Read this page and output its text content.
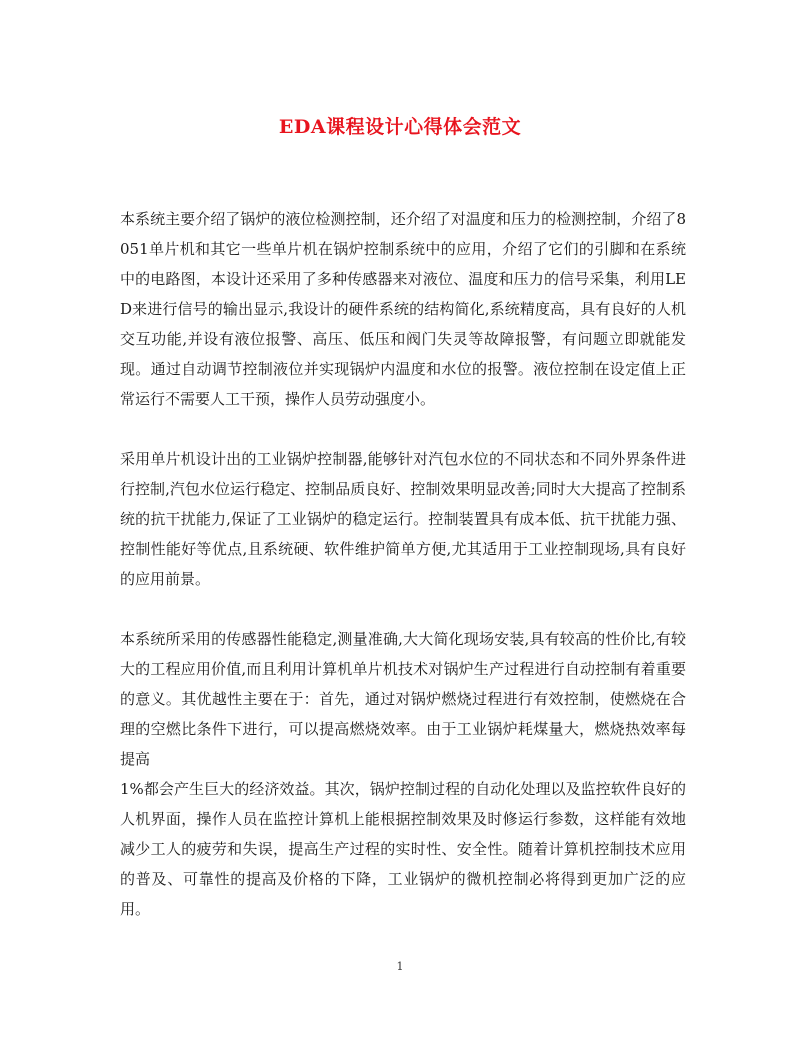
EDA课程设计心得体会范文

本系统主要介绍了锅炉的液位检测控制，还介绍了对温度和压力的检测控制，介绍了8051单片机和其它一些单片机在锅炉控制系统中的应用，介绍了它们的引脚和在系统中的电路图，本设计还采用了多种传感器来对液位、温度和压力的信号采集，利用LED来进行信号的输出显示,我设计的硬件系统的结构简化,系统精度高，具有良好的人机交互功能,并设有液位报警、高压、低压和阀门失灵等故障报警，有问题立即就能发现。通过自动调节控制液位并实现锅炉内温度和水位的报警。液位控制在设定值上正常运行不需要人工干预，操作人员劳动强度小。

采用单片机设计出的工业锅炉控制器,能够针对汽包水位的不同状态和不同外界条件进行控制,汽包水位运行稳定、控制品质良好、控制效果明显改善;同时大大提高了控制系统的抗干扰能力,保证了工业锅炉的稳定运行。控制装置具有成本低、抗干扰能力强、控制性能好等优点,且系统硬、软件维护简单方便,尤其适用于工业控制现场,具有良好的应用前景。

本系统所采用的传感器性能稳定,测量准确,大大简化现场安装,具有较高的性价比,有较大的工程应用价值,而且利用计算机单片机技术对锅炉生产过程进行自动控制有着重要的意义。其优越性主要在于：首先，通过对锅炉燃烧过程进行有效控制，使燃烧在合理的空燃比条件下进行，可以提高燃烧效率。由于工业锅炉耗煤量大，燃烧热效率每提高

1%都会产生巨大的经济效益。其次，锅炉控制过程的自动化处理以及监控软件良好的人机界面，操作人员在监控计算机上能根据控制效果及时修运行参数，这样能有效地减少工人的疲劳和失误，提高生产过程的实时性、安全性。随着计算机控制技术应用的普及、可靠性的提高及价格的下降，工业锅炉的微机控制必将得到更加广泛的应用。

1
